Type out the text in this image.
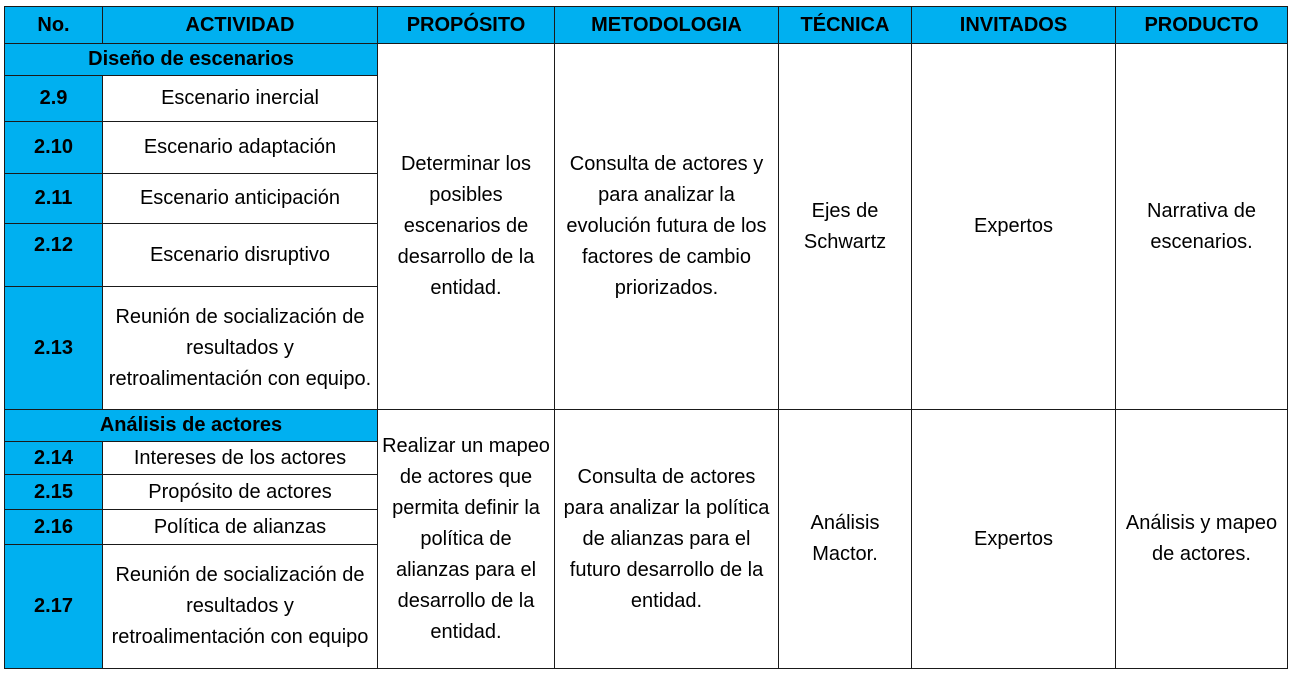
No.	ACTIVIDAD	PROPÓSITO	METODOLOGIA	TÉCNICA	INVITADOS	PRODUCTO
Diseño de escenarios		Determinar los posibles escenarios de desarrollo de la entidad.	Consulta de actores y para analizar la evolución futura de los factores de cambio priorizados.	Ejes de Schwartz	Expertos	Narrativa de escenarios.
2.9	Escenario inercial					
2.10	Escenario adaptación					
2.11	Escenario anticipación					
2.12	Escenario disruptivo					
2.13	Reunión de socialización de resultados y retroalimentación con equipo.					
Análisis de actores		Realizar un mapeo de actores que permita definir la política de alianzas para el desarrollo de la entidad.	Consulta de actores para analizar la política de alianzas para el futuro desarrollo de la entidad.	Análisis Mactor.	Expertos	Análisis y mapeo de actores.
2.14	Intereses de los actores					
2.15	Propósito de actores					
2.16	Política de alianzas					
2.17	Reunión de socialización de resultados y retroalimentación con equipo					
